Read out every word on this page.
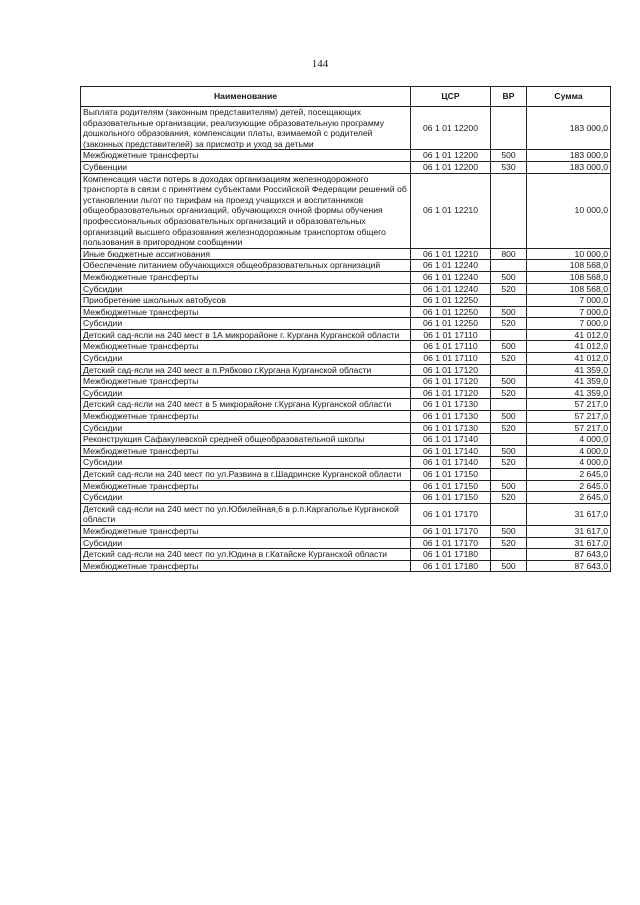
144
Наименование	ЦСР	ВР	Сумма
Выплата родителям (законным представителям) детей, посещающих образовательные организации, реализующие образовательную программу дошкольного образования, компенсации платы, взимаемой с родителей (законных представителей) за присмотр и уход за детьми	06 1 01 12200		183 000,0
Межбюджетные трансферты	06 1 01 12200	500	183 000,0
Субвенции	06 1 01 12200	530	183 000,0
Компенсация части потерь в доходах организациям железнодорожного транспорта в связи с принятием субъектами Российской Федерации решений об установлении льгот по тарифам на проезд учащихся и воспитанников общеобразовательных организаций, обучающихся очной формы обучения профессиональных образовательных организаций и образовательных организаций высшего образования железнодорожным транспортом общего пользования в пригородном сообщении	06 1 01 12210		10 000,0
Иные бюджетные ассигнования	06 1 01 12210	800	10 000,0
Обеспечение питанием обучающихся общеобразовательных организаций	06 1 01 12240		108 568,0
Межбюджетные трансферты	06 1 01 12240	500	108 568,0
Субсидии	06 1 01 12240	520	108 568,0
Приобретение школьных автобусов	06 1 01 12250		7 000,0
Межбюджетные трансферты	06 1 01 12250	500	7 000,0
Субсидии	06 1 01 12250	520	7 000,0
Детский сад-ясли на 240 мест в 1А микрорайоне г. Кургана Курганской области	06 1 01 17110		41 012,0
Межбюджетные трансферты	06 1 01 17110	500	41 012,0
Субсидии	06 1 01 17110	520	41 012,0
Детский сад-ясли на 240 мест в п.Рябково г.Кургана Курганской области	06 1 01 17120		41 359,0
Межбюджетные трансферты	06 1 01 17120	500	41 359,0
Субсидии	06 1 01 17120	520	41 359,0
Детский сад-ясли на 240 мест в 5 микрорайоне г.Кургана Курганской области	06 1 01 17130		57 217,0
Межбюджетные трансферты	06 1 01 17130	500	57 217,0
Субсидии	06 1 01 17130	520	57 217,0
Реконструкция Сафакулевской средней общеобразовательной школы	06 1 01 17140		4 000,0
Межбюджетные трансферты	06 1 01 17140	500	4 000,0
Субсидии	06 1 01 17140	520	4 000,0
Детский сад-ясли на 240 мест по ул.Развина в г.Шадринске Курганской области	06 1 01 17150		2 645,0
Межбюджетные трансферты	06 1 01 17150	500	2 645,0
Субсидии	06 1 01 17150	520	2 645,0
Детский сад-ясли на 240 мест по ул.Юбилейная,6 в р.п.Каргаполье Курганской области	06 1 01 17170		31 617,0
Межбюджетные трансферты	06 1 01 17170	500	31 617,0
Субсидии	06 1 01 17170	520	31 617,0
Детский сад-ясли на 240 мест по ул.Юдина в г.Катайске Курганской области	06 1 01 17180		87 643,0
Межбюджетные трансферты	06 1 01 17180	500	87 643,0
